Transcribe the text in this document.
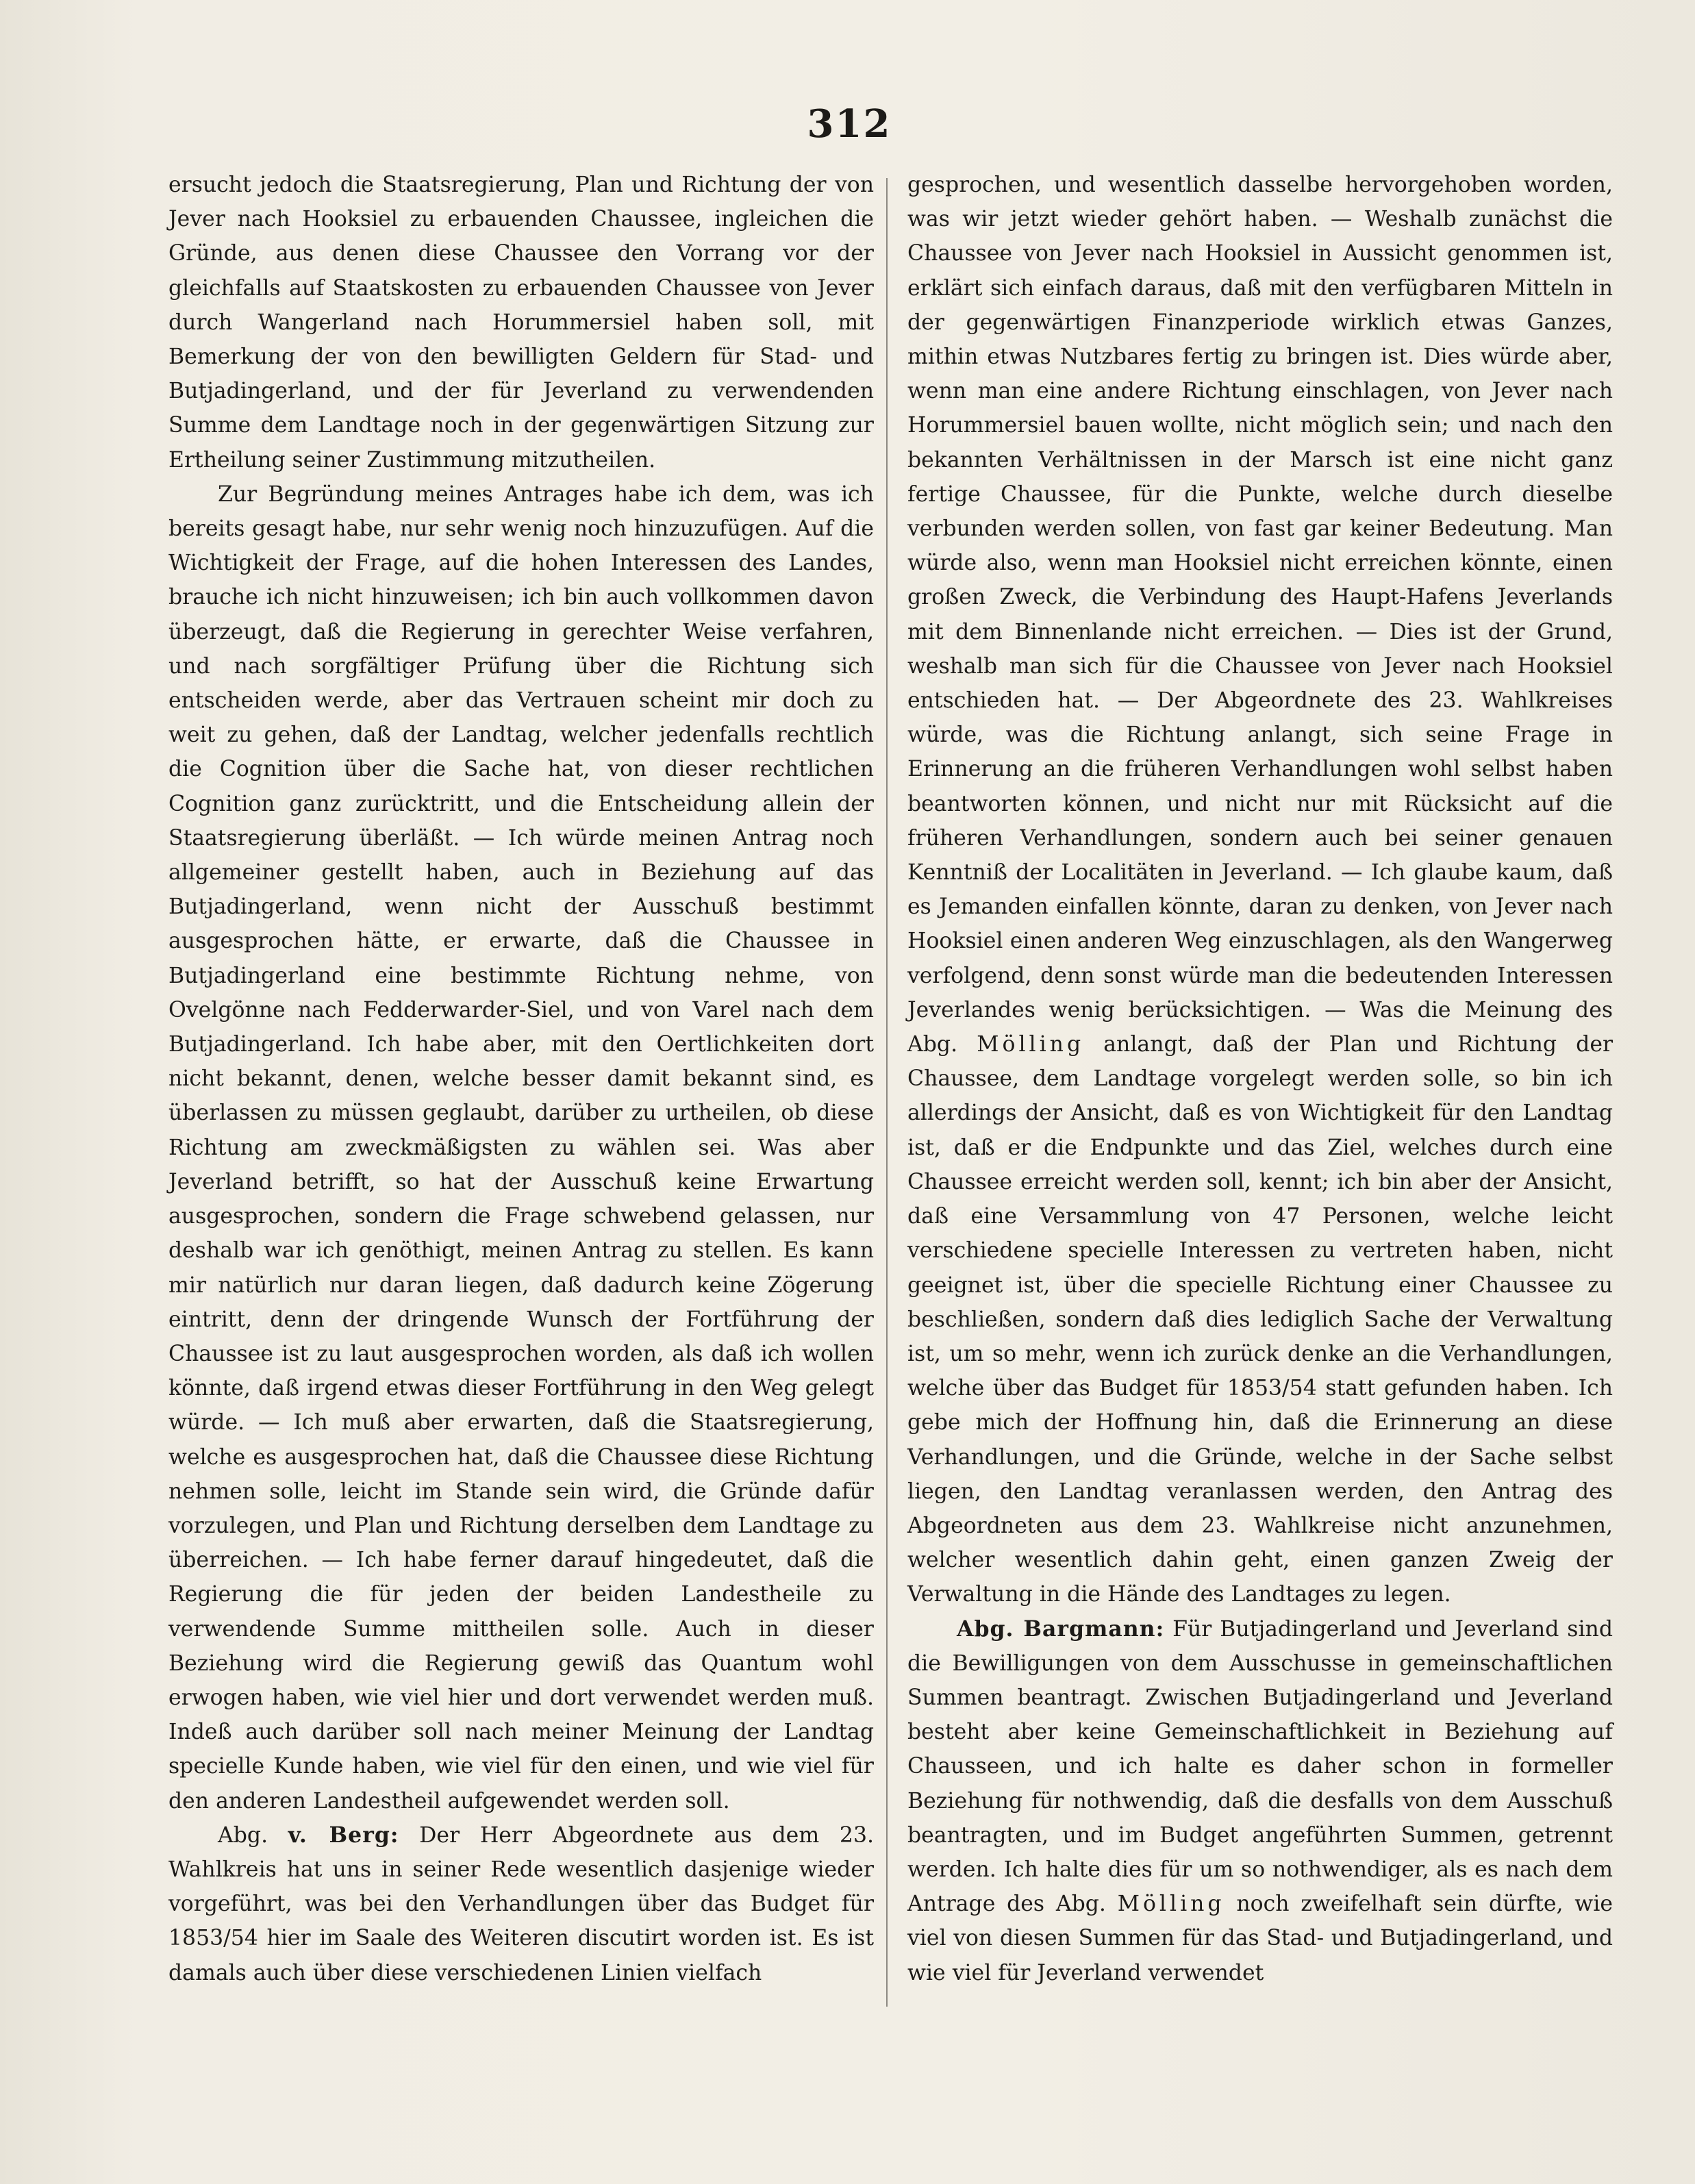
312

ersucht jedoch die Staatsregierung, Plan und Richtung der von Jever nach Hooksiel zu erbauenden Chaussee, ingleichen die Gründe, aus denen diese Chaussee den Vorrang vor der gleichfalls auf Staatskosten zu erbauenden Chaussee von Jever durch Wangerland nach Horummersiel haben soll, mit Bemerkung der von den bewilligten Geldern für Stad- und Butjadingerland, und der für Jeverland zu verwendenden Summe dem Landtage noch in der gegenwärtigen Sitzung zur Ertheilung seiner Zustimmung mitzutheilen.

Zur Begründung meines Antrages habe ich dem, was ich bereits gesagt habe, nur sehr wenig noch hinzuzufügen. Auf die Wichtigkeit der Frage, auf die hohen Interessen des Landes, brauche ich nicht hinzuweisen; ich bin auch vollkommen davon überzeugt, daß die Regierung in gerechter Weise verfahren, und nach sorgfältiger Prüfung über die Richtung sich entscheiden werde, aber das Vertrauen scheint mir doch zu weit zu gehen, daß der Landtag, welcher jedenfalls rechtlich die Cognition über die Sache hat, von dieser rechtlichen Cognition ganz zurücktritt, und die Entscheidung allein der Staatsregierung überläßt. — Ich würde meinen Antrag noch allgemeiner gestellt haben, auch in Beziehung auf das Butjadingerland, wenn nicht der Ausschuß bestimmt ausgesprochen hätte, er erwarte, daß die Chaussee in Butjadingerland eine bestimmte Richtung nehme, von Ovelgönne nach Fedderwarder-Siel, und von Varel nach dem Butjadingerland. Ich habe aber, mit den Oertlichkeiten dort nicht bekannt, denen, welche besser damit bekannt sind, es überlassen zu müssen geglaubt, darüber zu urtheilen, ob diese Richtung am zweckmäßigsten zu wählen sei. Was aber Jeverland betrifft, so hat der Ausschuß keine Erwartung ausgesprochen, sondern die Frage schwebend gelassen, nur deshalb war ich genöthigt, meinen Antrag zu stellen. Es kann mir natürlich nur daran liegen, daß dadurch keine Zögerung eintritt, denn der dringende Wunsch der Fortführung der Chaussee ist zu laut ausgesprochen worden, als daß ich wollen könnte, daß irgend etwas dieser Fortführung in den Weg gelegt würde. — Ich muß aber erwarten, daß die Staatsregierung, welche es ausgesprochen hat, daß die Chaussee diese Richtung nehmen solle, leicht im Stande sein wird, die Gründe dafür vorzulegen, und Plan und Richtung derselben dem Landtage zu überreichen. — Ich habe ferner darauf hingedeutet, daß die Regierung die für jeden der beiden Landestheile zu verwendende Summe mittheilen solle. Auch in dieser Beziehung wird die Regierung gewiß das Quantum wohl erwogen haben, wie viel hier und dort verwendet werden muß. Indeß auch darüber soll nach meiner Meinung der Landtag specielle Kunde haben, wie viel für den einen, und wie viel für den anderen Landestheil aufgewendet werden soll.

Abg. v. Berg: Der Herr Abgeordnete aus dem 23. Wahlkreis hat uns in seiner Rede wesentlich dasjenige wieder vorgeführt, was bei den Verhandlungen über das Budget für 1853/54 hier im Saale des Weiteren discutirt worden ist. Es ist damals auch über diese verschiedenen Linien vielfach

gesprochen, und wesentlich dasselbe hervorgehoben worden, was wir jetzt wieder gehört haben. — Weshalb zunächst die Chaussee von Jever nach Hooksiel in Aussicht genommen ist, erklärt sich einfach daraus, daß mit den verfügbaren Mitteln in der gegenwärtigen Finanzperiode wirklich etwas Ganzes, mithin etwas Nutzbares fertig zu bringen ist. Dies würde aber, wenn man eine andere Richtung einschlagen, von Jever nach Horummersiel bauen wollte, nicht möglich sein; und nach den bekannten Verhältnissen in der Marsch ist eine nicht ganz fertige Chaussee, für die Punkte, welche durch dieselbe verbunden werden sollen, von fast gar keiner Bedeutung. Man würde also, wenn man Hooksiel nicht erreichen könnte, einen großen Zweck, die Verbindung des Haupt-Hafens Jeverlands mit dem Binnenlande nicht erreichen. — Dies ist der Grund, weshalb man sich für die Chaussee von Jever nach Hooksiel entschieden hat. — Der Abgeordnete des 23. Wahlkreises würde, was die Richtung anlangt, sich seine Frage in Erinnerung an die früheren Verhandlungen wohl selbst haben beantworten können, und nicht nur mit Rücksicht auf die früheren Verhandlungen, sondern auch bei seiner genauen Kenntniß der Localitäten in Jeverland. — Ich glaube kaum, daß es Jemanden einfallen könnte, daran zu denken, von Jever nach Hooksiel einen anderen Weg einzuschlagen, als den Wangerweg verfolgend, denn sonst würde man die bedeutenden Interessen Jeverlandes wenig berücksichtigen. — Was die Meinung des Abg. Mölling anlangt, daß der Plan und Richtung der Chaussee, dem Landtage vorgelegt werden solle, so bin ich allerdings der Ansicht, daß es von Wichtigkeit für den Landtag ist, daß er die Endpunkte und das Ziel, welches durch eine Chaussee erreicht werden soll, kennt; ich bin aber der Ansicht, daß eine Versammlung von 47 Personen, welche leicht verschiedene specielle Interessen zu vertreten haben, nicht geeignet ist, über die specielle Richtung einer Chaussee zu beschließen, sondern daß dies lediglich Sache der Verwaltung ist, um so mehr, wenn ich zurück denke an die Verhandlungen, welche über das Budget für 1853/54 statt gefunden haben. Ich gebe mich der Hoffnung hin, daß die Erinnerung an diese Verhandlungen, und die Gründe, welche in der Sache selbst liegen, den Landtag veranlassen werden, den Antrag des Abgeordneten aus dem 23. Wahlkreise nicht anzunehmen, welcher wesentlich dahin geht, einen ganzen Zweig der Verwaltung in die Hände des Landtages zu legen.

Abg. Bargmann: Für Butjadingerland und Jeverland sind die Bewilligungen von dem Ausschusse in gemeinschaftlichen Summen beantragt. Zwischen Butjadingerland und Jeverland besteht aber keine Gemeinschaftlichkeit in Beziehung auf Chausseen, und ich halte es daher schon in formeller Beziehung für nothwendig, daß die desfalls von dem Ausschuß beantragten, und im Budget angeführten Summen, getrennt werden. Ich halte dies für um so nothwendiger, als es nach dem Antrage des Abg. Mölling noch zweifelhaft sein dürfte, wie viel von diesen Summen für das Stad- und Butjadingerland, und wie viel für Jeverland verwendet
